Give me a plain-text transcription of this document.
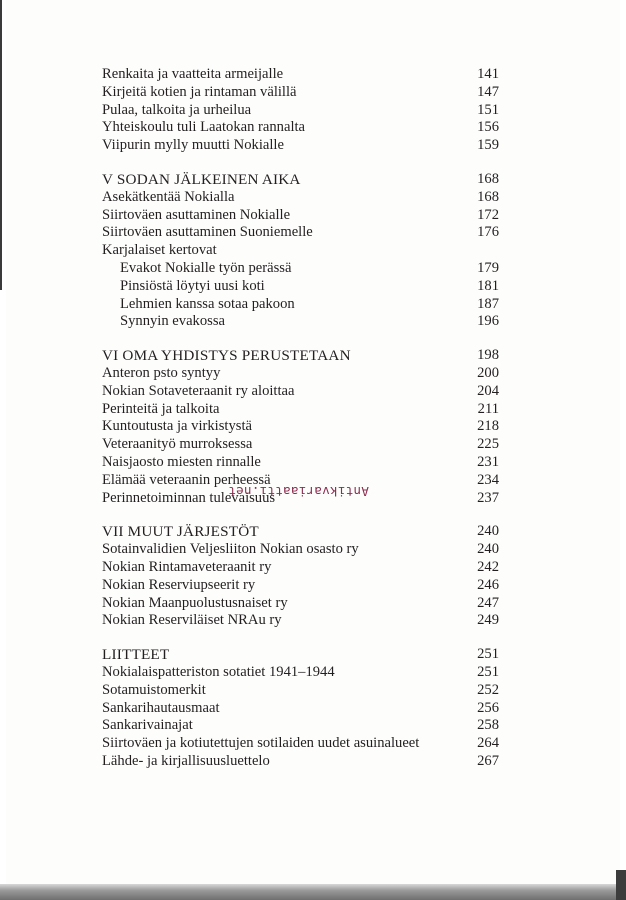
Renkaita ja vaatteita armeijalle	141
Kirjeitä kotien ja rintaman välillä	147
Pulaa, talkoita ja urheilua	151
Yhteiskoulu tuli Laatokan rannalta	156
Viipurin mylly muutti Nokialle	159
V SODAN JÄLKEINEN AIKA	168
Asekätkentää Nokialla	168
Siirtoväen asuttaminen Nokialle	172
Siirtoväen asuttaminen Suoniemelle	176
Karjalaiset kertovat
Evakot Nokialle työn perässä	179
Pinsiöstä löytyi uusi koti	181
Lehmien kanssa sotaa pakoon	187
Synnyin evakossa	196
VI OMA YHDISTYS PERUSTETAAN	198
Anteron psto syntyy	200
Nokian Sotaveteraanit ry aloittaa	204
Perinteitä ja talkoita	211
Kuntoutusta ja virkistystä	218
Veteraanityö murroksessa	225
Naisjaosto miesten rinnalle	231
Elämää veteraanin perheessä	234
Perinnetoiminnan tulevaisuus	237
VII MUUT JÄRJESTÖT	240
Sotainvalidien Veljesliiton Nokian osasto ry	240
Nokian Rintamaveteraanit ry	242
Nokian Reserviupseerit ry	246
Nokian Maanpuolustusnaiset ry	247
Nokian Reserviläiset NRAu ry	249
LIITTEET	251
Nokialaispatteriston sotatiet 1941–1944	251
Sotamuistomerkit	252
Sankarihautausmaat	256
Sankarivainajat	258
Siirtoväen ja kotiutettujen sotilaiden uudet asuinalueet	264
Lähde- ja kirjallisuusluettelo	267
Antikvariaatti.net
